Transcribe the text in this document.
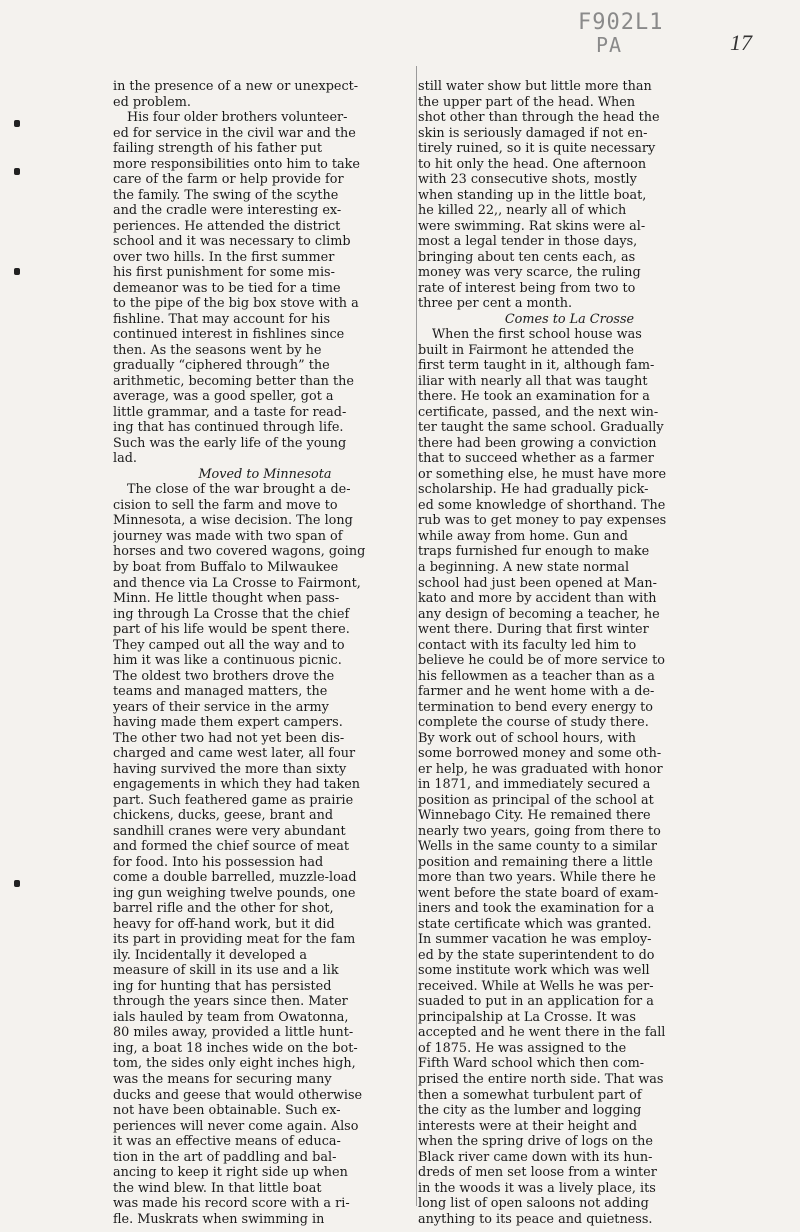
F902L1
PA	17
in the presence of a new or unexpect-
ed problem.
His four older brothers volunteer-
ed for service in the civil war and the
failing strength of his father put
more responsibilities onto him to take
care of the farm or help provide for
the family. The swing of the scythe
and the cradle were interesting ex-
periences. He attended the district
school and it was necessary to climb
over two hills. In the first summer
his first punishment for some mis-
demeanor was to be tied for a time
to the pipe of the big box stove with a
fishline. That may account for his
continued interest in fishlines since
then. As the seasons went by he
gradually “ciphered through” the
arithmetic, becoming better than the
average, was a good speller, got a
little grammar, and a taste for read-
ing that has continued through life.
Such was the early life of the young
lad.
Moved to Minnesota
The close of the war brought a de-
cision to sell the farm and move to
Minnesota, a wise decision. The long
journey was made with two span of
horses and two covered wagons, going
by boat from Buffalo to Milwaukee
and thence via La Crosse to Fairmont,
Minn. He little thought when pass-
ing through La Crosse that the chief
part of his life would be spent there.
They camped out all the way and to
him it was like a continuous picnic.
The oldest two brothers drove the
teams and managed matters, the
years of their service in the army
having made them expert campers.
The other two had not yet been dis-
charged and came west later, all four
having survived the more than sixty
engagements in which they had taken
part. Such feathered game as prairie
chickens, ducks, geese, brant and
sandhill cranes were very abundant
and formed the chief source of meat
for food. Into his possession had
come a double barrelled, muzzle-load
ing gun weighing twelve pounds, one
barrel rifle and the other for shot,
heavy for off-hand work, but it did
its part in providing meat for the fam
ily. Incidentally it developed a
measure of skill in its use and a lik
ing for hunting that has persisted
through the years since then. Mater
ials hauled by team from Owatonna,
80 miles away, provided a little hunt-
ing, a boat 18 inches wide on the bot-
tom, the sides only eight inches high,
was the means for securing many
ducks and geese that would otherwise
not have been obtainable. Such ex-
periences will never come again. Also
it was an effective means of educa-
tion in the art of paddling and bal-
ancing to keep it right side up when
the wind blew. In that little boat
was made his record score with a ri-
fle. Muskrats when swimming in
still water show but little more than
the upper part of the head. When
shot other than through the head the
skin is seriously damaged if not en-
tirely ruined, so it is quite necessary
to hit only the head. One afternoon
with 23 consecutive shots, mostly
when standing up in the little boat,
he killed 22,, nearly all of which
were swimming. Rat skins were al-
most a legal tender in those days,
bringing about ten cents each, as
money was very scarce, the ruling
rate of interest being from two to
three per cent a month.
Comes to La Crosse
When the first school house was
built in Fairmont he attended the
first term taught in it, although fam-
iliar with nearly all that was taught
there. He took an examination for a
certificate, passed, and the next win-
ter taught the same school. Gradually
there had been growing a conviction
that to succeed whether as a farmer
or something else, he must have more
scholarship. He had gradually pick-
ed some knowledge of shorthand. The
rub was to get money to pay expenses
while away from home. Gun and
traps furnished fur enough to make
a beginning. A new state normal
school had just been opened at Man-
kato and more by accident than with
any design of becoming a teacher, he
went there. During that first winter
contact with its faculty led him to
believe he could be of more service to
his fellowmen as a teacher than as a
farmer and he went home with a de-
termination to bend every energy to
complete the course of study there.
By work out of school hours, with
some borrowed money and some oth-
er help, he was graduated with honor
in 1871, and immediately secured a
position as principal of the school at
Winnebago City. He remained there
nearly two years, going from there to
Wells in the same county to a similar
position and remaining there a little
more than two years. While there he
went before the state board of exam-
iners and took the examination for a
state certificate which was granted.
In summer vacation he was employ-
ed by the state superintendent to do
some institute work which was well
received. While at Wells he was per-
suaded to put in an application for a
principalship at La Crosse. It was
accepted and he went there in the fall
of 1875. He was assigned to the
Fifth Ward school which then com-
prised the entire north side. That was
then a somewhat turbulent part of
the city as the lumber and logging
interests were at their height and
when the spring drive of logs on the
Black river came down with its hun-
dreds of men set loose from a winter
in the woods it was a lively place, its
long list of open saloons not adding
anything to its peace and quietness.
